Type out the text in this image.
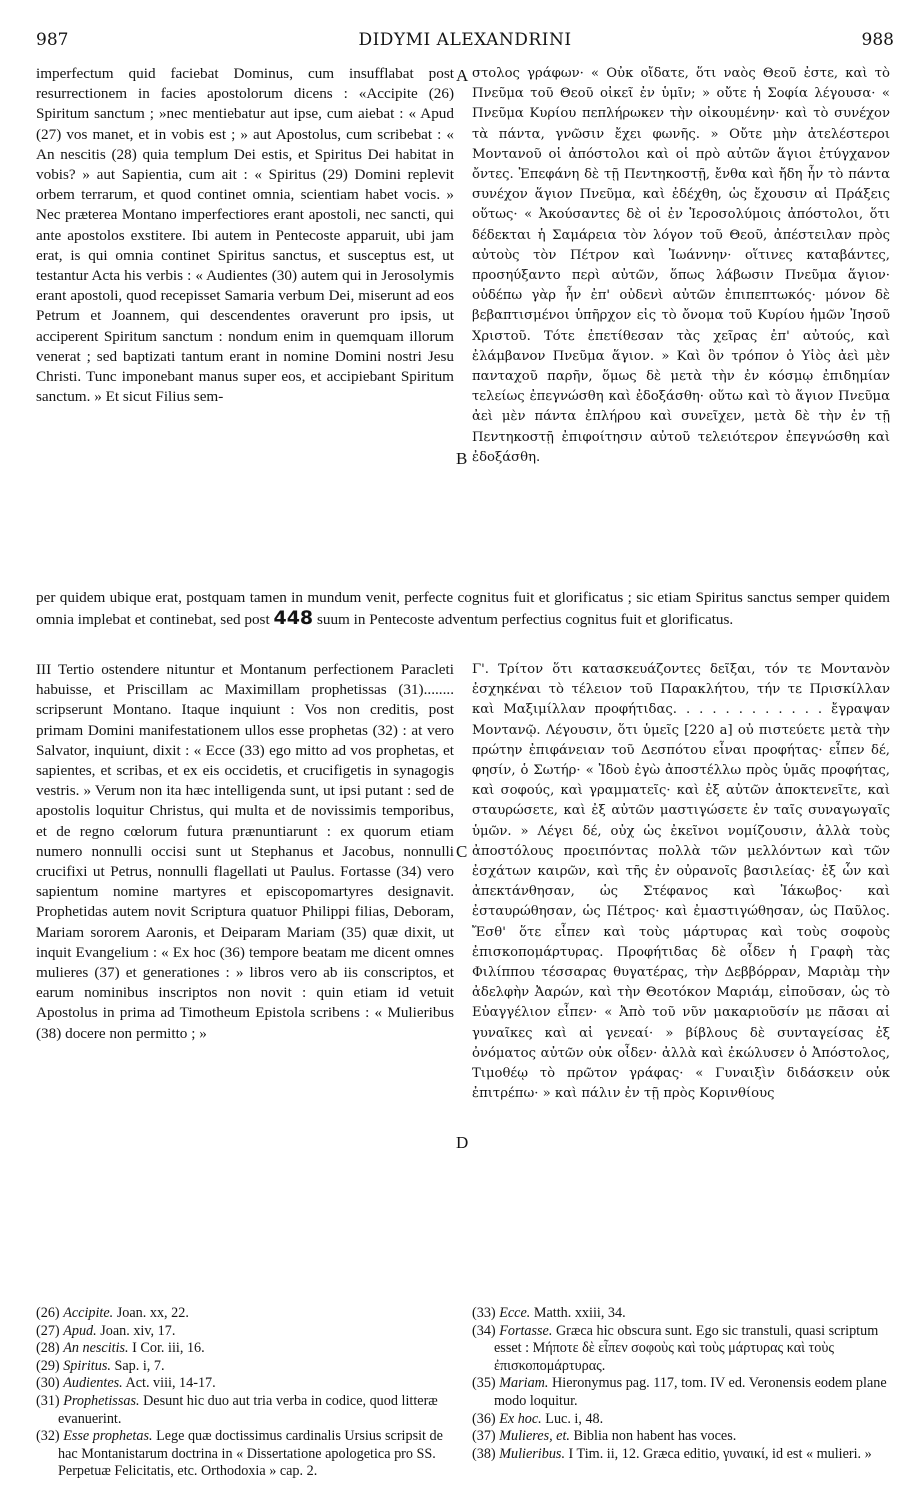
987	DIDYMI ALEXANDRINI	988

imperfectum quid faciebat Dominus, cum insufflabat post resurrectionem in facies apostolorum dicens : «Accipite (26) Spiritum sanctum ; »nec mentiebatur aut ipse, cum aiebat : « Apud (27) vos manet, et in vobis est ; » aut Apostolus, cum scribebat : « An nescitis (28) quia templum Dei estis, et Spiritus Dei habitat in vobis? » aut Sapientia, cum ait : « Spiritus (29) Domini replevit orbem terrarum, et quod continet omnia, scientiam habet vocis. » Nec præterea Montano imperfectiores erant apostoli, nec sancti, qui ante apostolos exstitere. Ibi autem in Pentecoste apparuit, ubi jam erat, is qui omnia continet Spiritus sanctus, et susceptus est, ut testantur Acta his verbis : « Audientes (30) autem qui in Jerosolymis erant apostoli, quod recepisset Samaria verbum Dei, miserunt ad eos Petrum et Joannem, qui descendentes oraverunt pro ipsis, ut acciperent Spiritum sanctum : nondum enim in quemquam illorum venerat ; sed baptizati tantum erant in nomine Domini nostri Jesu Christi. Tunc imponebant manus super eos, et accipiebant Spiritum sanctum. » Et sicut Filius sem-

στολος γράφων· « Οὐκ οἴδατε, ὅτι ναὸς Θεοῦ ἐστε, καὶ τὸ Πνεῦμα τοῦ Θεοῦ οἰκεῖ ἐν ὑμῖν; » οὔτε ἡ Σοφία λέγουσα· « Πνεῦμα Κυρίου πεπλήρωκεν τὴν οἰκουμένην· καὶ τὸ συνέχον τὰ πάντα, γνῶσιν ἔχει φωνῆς. » Οὔτε μὴν ἀτελέστεροι Μοντανοῦ οἱ ἀπόστολοι καὶ οἱ πρὸ αὐτῶν ἅγιοι ἐτύγχανον ὄντες. Ἐπεφάνη δὲ τῇ Πεντηκοστῇ, ἔνθα καὶ ἤδη ἦν τὸ πάντα συνέχον ἅγιον Πνεῦμα, καὶ ἐδέχθη, ὡς ἔχουσιν αἱ Πράξεις οὕτως· « Ἀκούσαντες δὲ οἱ ἐν Ἱεροσολύμοις ἀπόστολοι, ὅτι δέδεκται ἡ Σαμάρεια τὸν λόγον τοῦ Θεοῦ, ἀπέστειλαν πρὸς αὐτοὺς τὸν Πέτρον καὶ Ἰωάννην· οἵτινες καταβάντες, προσηύξαντο περὶ αὐτῶν, ὅπως λάβωσιν Πνεῦμα ἅγιον· οὐδέπω γὰρ ἦν ἐπ' οὐδενὶ αὐτῶν ἐπιπεπτωκός· μόνον δὲ βεβαπτισμένοι ὑπῆρχον εἰς τὸ ὄνομα τοῦ Κυρίου ἡμῶν Ἰησοῦ Χριστοῦ. Τότε ἐπετίθεσαν τὰς χεῖρας ἐπ' αὐτούς, καὶ ἐλάμβανον Πνεῦμα ἅγιον. » Καὶ ὃν τρόπον ὁ Υἱὸς ἀεὶ μὲν πανταχοῦ παρῆν, ὅμως δὲ μετὰ τὴν ἐν κόσμῳ ἐπιδημίαν τελείως ἐπεγνώσθη καὶ ἐδοξάσθη· οὕτω καὶ τὸ ἅγιον Πνεῦμα ἀεὶ μὲν πάντα ἐπλήρου καὶ συνεῖχεν, μετὰ δὲ τὴν ἐν τῇ Πεντηκοστῇ ἐπιφοίτησιν αὐτοῦ τελειότερον ἐπεγνώσθη καὶ ἐδοξάσθη.

A
B
per quidem ubique erat, postquam tamen in mundum venit, perfecte cognitus fuit et glorificatus ; sic etiam Spiritus sanctus semper quidem omnia implebat et continebat, sed post 448 suum in Pentecoste adventum perfectius cognitus fuit et glorificatus.

III Tertio ostendere nituntur et Montanum perfectionem Paracleti habuisse, et Priscillam ac Maximillam prophetissas (31)........ scripserunt Montano. Itaque inquiunt : Vos non creditis, post primam Domini manifestationem ullos esse prophetas (32) : at vero Salvator, inquiunt, dixit : « Ecce (33) ego mitto ad vos prophetas, et sapientes, et scribas, et ex eis occidetis, et crucifigetis in synagogis vestris. » Verum non ita hæc intelligenda sunt, ut ipsi putant : sed de apostolis loquitur Christus, qui multa et de novissimis temporibus, et de regno cœlorum futura prænuntiarunt : ex quorum etiam numero nonnulli occisi sunt ut Stephanus et Jacobus, nonnulli crucifixi ut Petrus, nonnulli flagellati ut Paulus. Fortasse (34) vero sapientum nomine martyres et episcopomartyres designavit. Prophetidas autem novit Scriptura quatuor Philippi filias, Deboram, Mariam sororem Aaronis, et Deiparam Mariam (35) quæ dixit, ut inquit Evangelium : « Ex hoc (36) tempore beatam me dicent omnes mulieres (37) et generationes : » libros vero ab iis conscriptos, et earum nominibus inscriptos non novit : quin etiam id vetuit Apostolus in prima ad Timotheum Epistola scribens : « Mulieribus (38) docere non permitto ; »

Γ'. Τρίτον ὅτι κατασκευάζοντες δεῖξαι, τόν τε Μοντανὸν ἐσχηκέναι τὸ τέλειον τοῦ Παρακλήτου, τήν τε Πρισκίλλαν καὶ Μαξιμίλλαν προφήτιδας. . . . . . . . . . . . ἔγραψαν Μοντανῷ. Λέγουσιν, ὅτι ὑμεῖς [220 a] οὐ πιστεύετε μετὰ τὴν πρώτην ἐπιφάνειαν τοῦ Δεσπότου εἶναι προφήτας· εἶπεν δέ, φησίν, ὁ Σωτήρ· « Ἰδοὺ ἐγὼ ἀποστέλλω πρὸς ὑμᾶς προφήτας, καὶ σοφούς, καὶ γραμματεῖς· καὶ ἐξ αὐτῶν ἀποκτενεῖτε, καὶ σταυρώσετε, καὶ ἐξ αὐτῶν μαστιγώσετε ἐν ταῖς συναγωγαῖς ὑμῶν. » Λέγει δέ, οὐχ ὡς ἐκεῖνοι νομίζουσιν, ἀλλὰ τοὺς ἀποστόλους προειπόντας πολλὰ τῶν μελλόντων καὶ τῶν ἐσχάτων καιρῶν, καὶ τῆς ἐν οὐρανοῖς βασιλείας· ἐξ ὧν καὶ ἀπεκτάνθησαν, ὡς Στέφανος καὶ Ἰάκωβος· καὶ ἐσταυρώθησαν, ὡς Πέτρος· καὶ ἐμαστιγώθησαν, ὡς Παῦλος. Ἔσθ' ὅτε εἶπεν καὶ τοὺς μάρτυρας καὶ τοὺς σοφοὺς ἐπισκοπομάρτυρας. Προφήτιδας δὲ οἶδεν ἡ Γραφὴ τὰς Φιλίππου τέσσαρας θυγατέρας, τὴν Δεββόρραν, Μαριὰμ τὴν ἀδελφὴν Ἀαρών, καὶ τὴν Θεοτόκον Μαριάμ, εἰποῦσαν, ὡς τὸ Εὐαγγέλιον εἶπεν· « Ἀπὸ τοῦ νῦν μακαριοῦσίν με πᾶσαι αἱ γυναῖκες καὶ αἱ γενεαί· » βίβλους δὲ συνταγείσας ἐξ ὀνόματος αὐτῶν οὐκ οἶδεν· ἀλλὰ καὶ ἐκώλυσεν ὁ Ἀπόστολος, Τιμοθέῳ τὸ πρῶτον γράφας· « Γυναιξὶν διδάσκειν οὐκ ἐπιτρέπω· » καὶ πάλιν ἐν τῇ πρὸς Κορινθίους

C
D

(26) Accipite. Joan. xx, 22.

(27) Apud. Joan. xiv, 17.

(28) An nescitis. I Cor. iii, 16.

(29) Spiritus. Sap. i, 7.

(30) Audientes. Act. viii, 14-17.

(31) Prophetissas. Desunt hic duo aut tria verba in codice, quod litteræ evanuerint.

(32) Esse prophetas. Lege quæ doctissimus cardinalis Ursius scripsit de hac Montanistarum doctrina in « Dissertatione apologetica pro SS. Perpetuæ Felicitatis, etc. Orthodoxia » cap. 2.

(33) Ecce. Matth. xxiii, 34.

(34) Fortasse. Græca hic obscura sunt. Ego sic transtuli, quasi scriptum esset : Μήποτε δὲ εἶπεν σοφοὺς καὶ τοὺς μάρτυρας καὶ τοὺς ἐπισκοπομάρτυρας.

(35) Mariam. Hieronymus pag. 117, tom. IV ed. Veronensis eodem plane modo loquitur.

(36) Ex hoc. Luc. i, 48.

(37) Mulieres, et. Biblia non habent has voces.

(38) Mulieribus. I Tim. ii, 12. Græca editio, γυναικί, id est « mulieri. »
